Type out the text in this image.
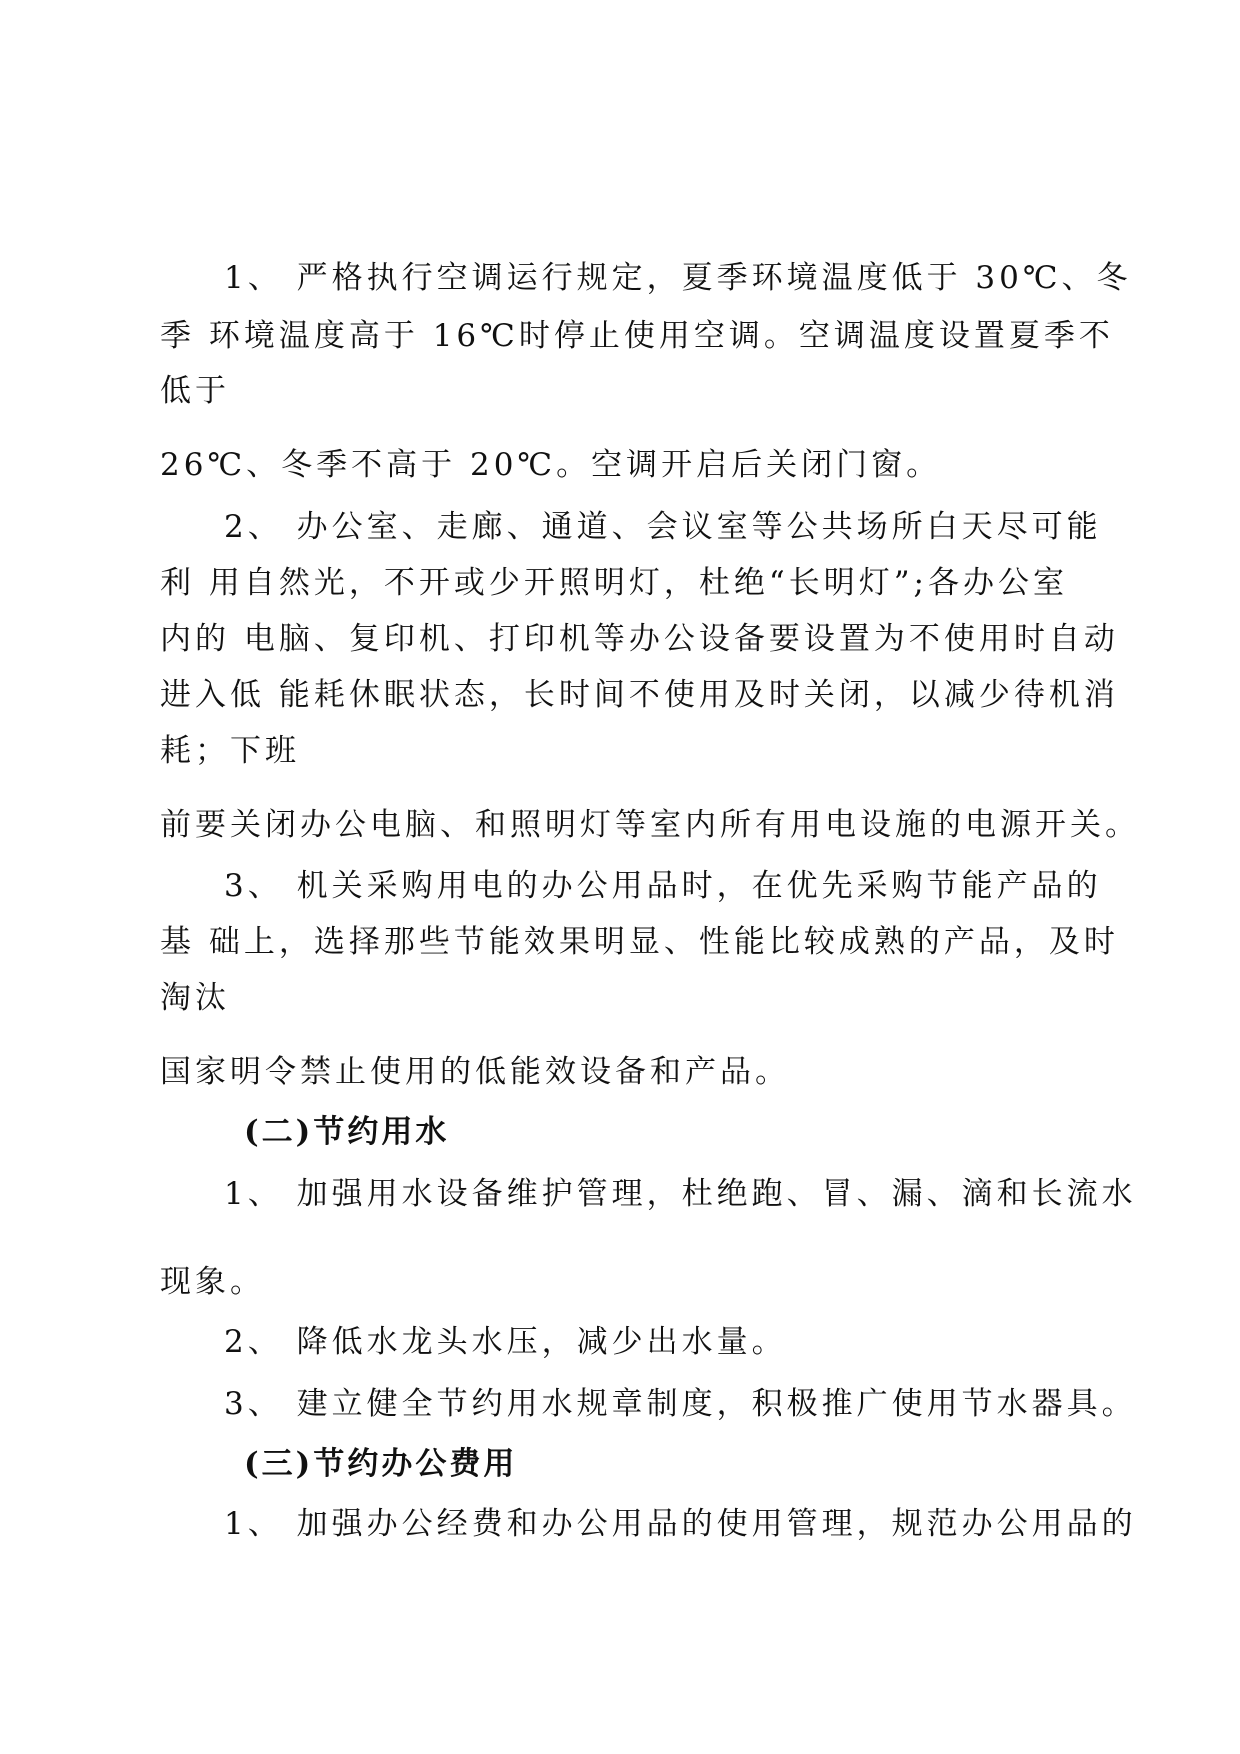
1、 严格执行空调运行规定，夏季环境温度低于 30℃、冬
季 环境温度高于 16℃时停止使用空调。空调温度设置夏季不
低于
26℃、冬季不高于 20℃。空调开启后关闭门窗。
2、 办公室、走廊、通道、会议室等公共场所白天尽可能
利 用自然光，不开或少开照明灯，杜绝“长明灯”;各办公室
内的 电脑、复印机、打印机等办公设备要设置为不使用时自动
进入低 能耗休眠状态，长时间不使用及时关闭，以减少待机消
耗；下班
前要关闭办公电脑、和照明灯等室内所有用电设施的电源开关。
3、 机关采购用电的办公用品时，在优先采购节能产品的
基 础上，选择那些节能效果明显、性能比较成熟的产品，及时
淘汰
国家明令禁止使用的低能效设备和产品。
(二)节约用水
1、 加强用水设备维护管理，杜绝跑、冒、漏、滴和长流水
现象。
2、 降低水龙头水压，减少出水量。
3、 建立健全节约用水规章制度，积极推广使用节水器具。
(三)节约办公费用
1、 加强办公经费和办公用品的使用管理，规范办公用品的
